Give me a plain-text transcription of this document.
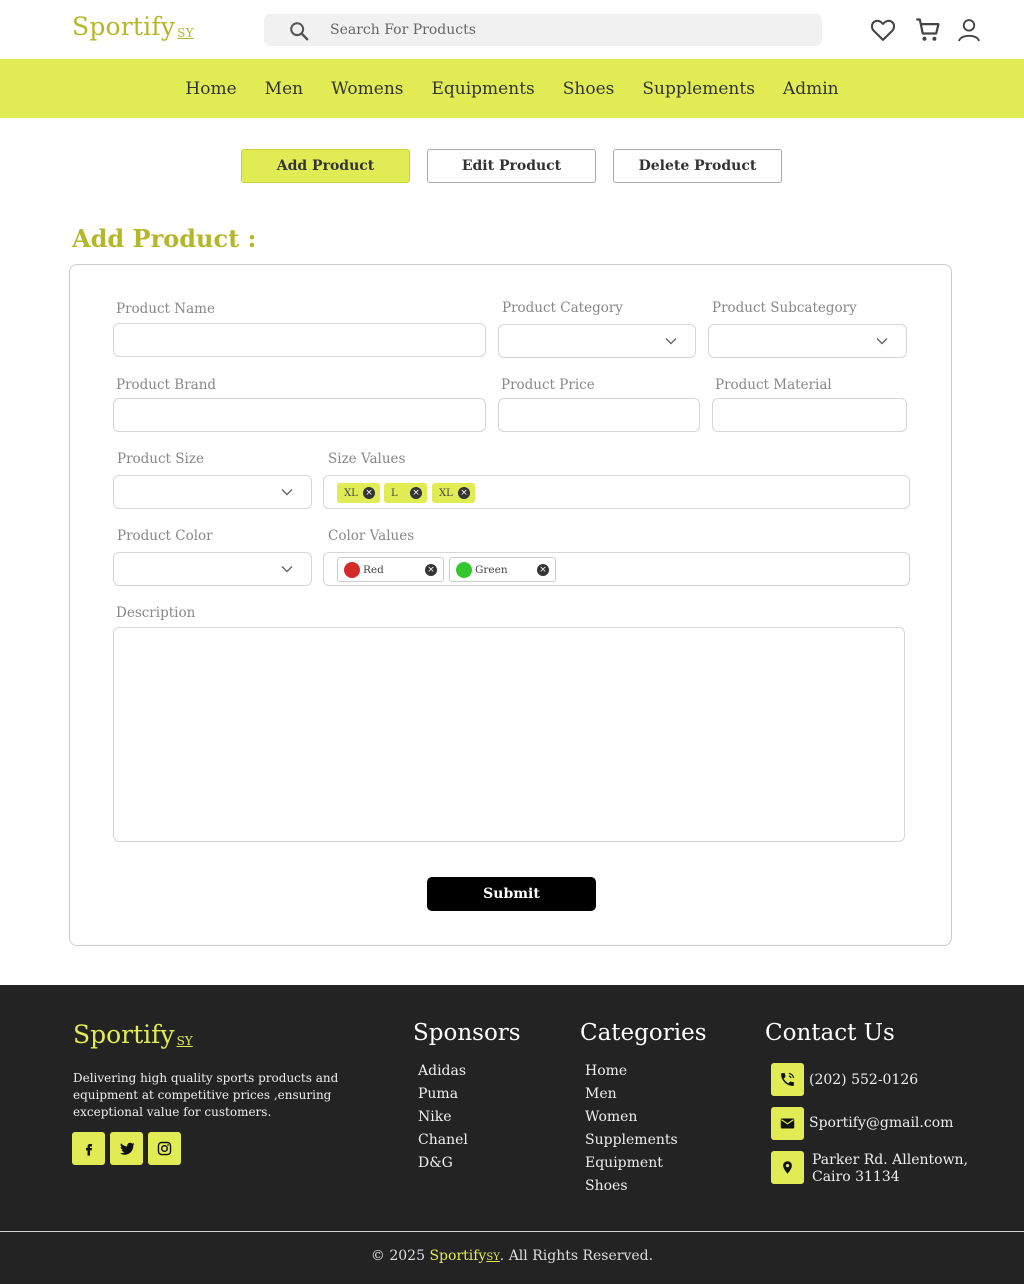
Sportify SY
Search For Products
Home	Men	Womens	Equipments	Shoes	Supplements	Admin
Add Product	Edit Product	Delete Product
Add Product :
Product Name	Product Category	Product Subcategory
Product Brand	Product Price	Product Material
Product Size	Size Values
XL × L × XL ×
Product Color	Color Values
Red	×	Green	×
Description
Submit
Sportify SY
Delivering high quality sports products and equipment at competitive prices ,ensuring exceptional value for customers.
Sponsors
Adidas
Puma
Nike
Chanel
D&G
Categories
Home
Men
Women
Supplements
Equipment
Shoes
Contact Us
(202) 552-0126
Sportify@gmail.com
Parker Rd. Allentown,
Cairo 31134
© 2025 SportifySY. All Rights Reserved.
